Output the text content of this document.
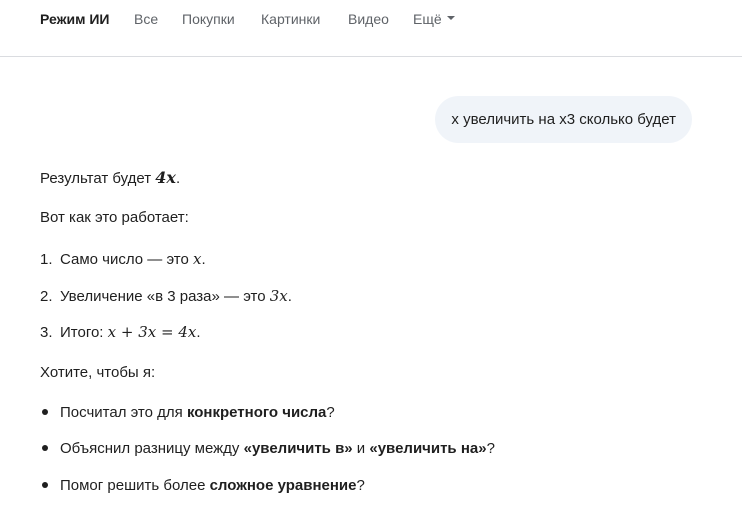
Режим ИИ Все Покупки Картинки Видео Ещё
x увеличить на x3 сколько будет
Результат будет 4x.
Вот как это работает:
1. Само число — это x.
2. Увеличение «в 3 раза» — это 3x.
3. Итого: x + 3x = 4x.
Хотите, чтобы я:
Посчитал это для конкретного числа?
Объяснил разницу между «увеличить в» и «увеличить на»?
Помог решить более сложное уравнение?
